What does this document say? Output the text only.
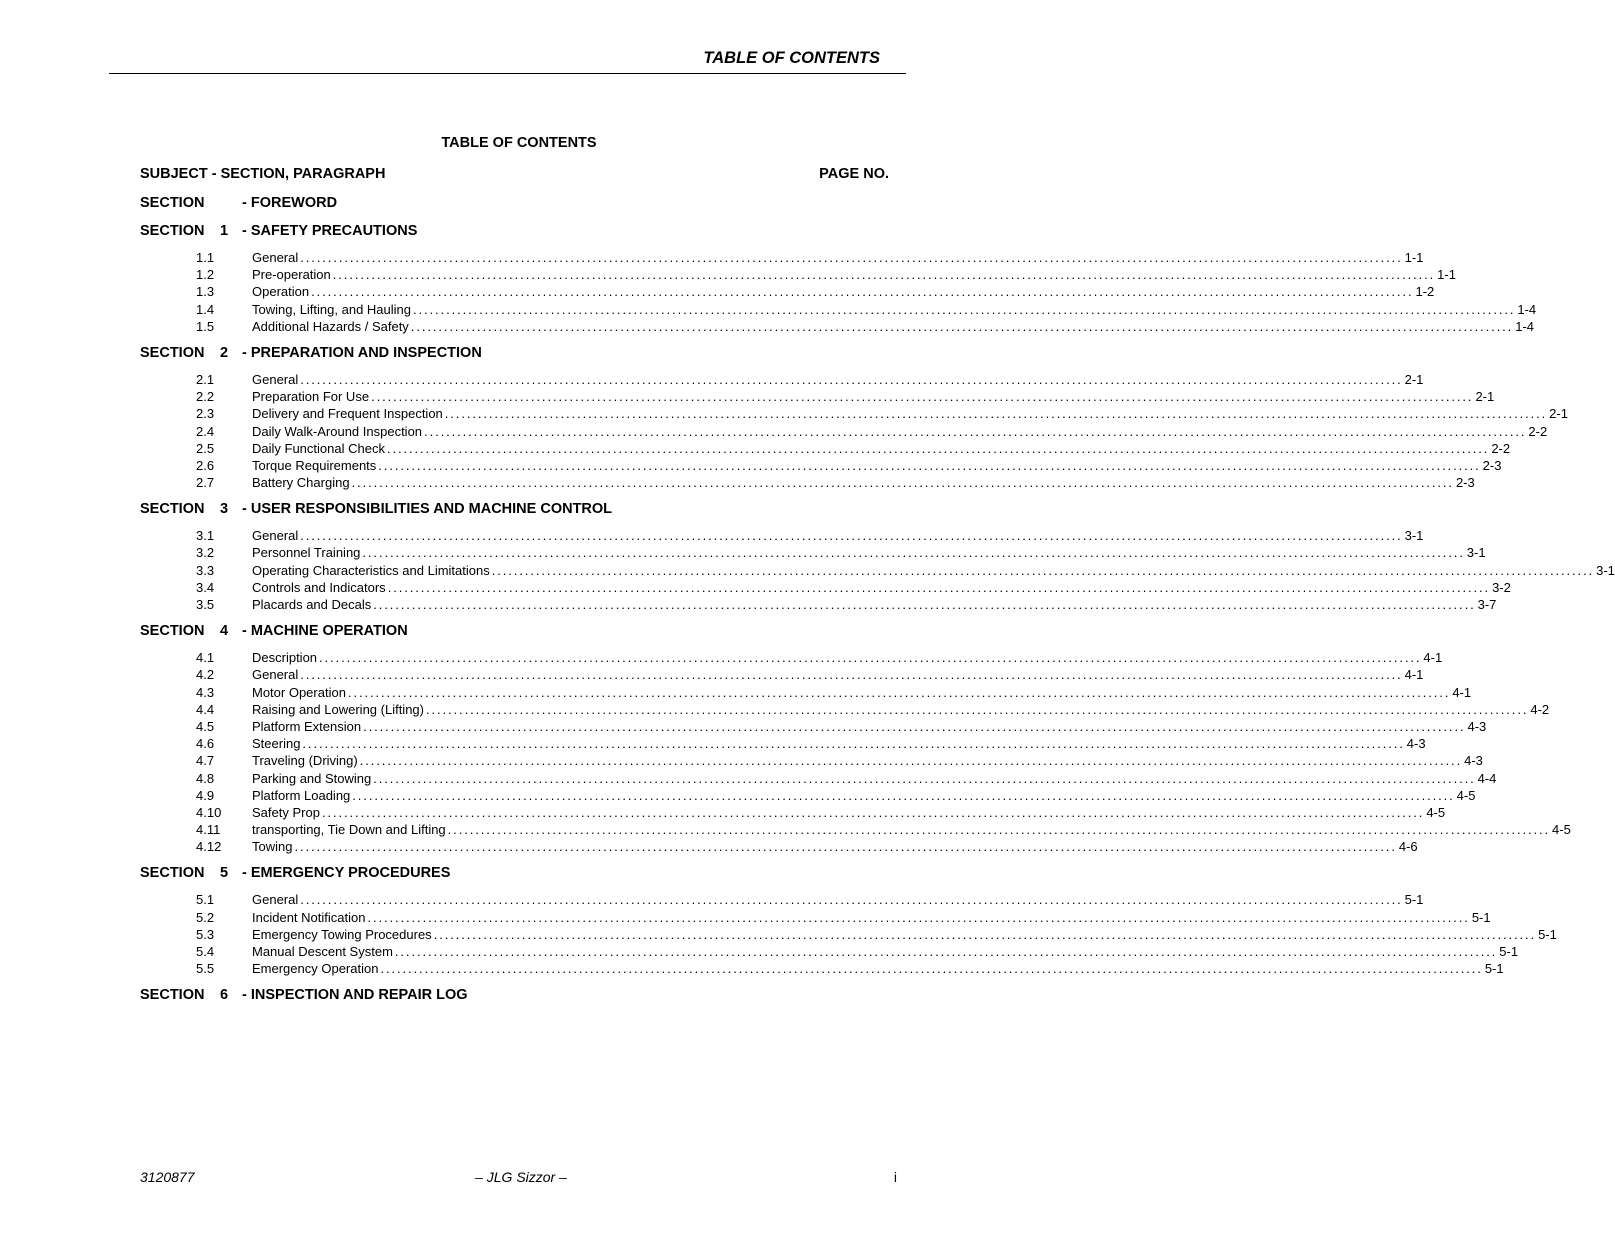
TABLE OF CONTENTS
TABLE OF CONTENTS
SUBJECT - SECTION, PARAGRAPH	PAGE NO.
SECTION	- FOREWORD
SECTION	1 - SAFETY PRECAUTIONS
1.1	General ........................................................................................................................................................................................................ 1-1
1.2	Pre-operation ........................................................................................................................................................................................................ 1-1
1.3	Operation ........................................................................................................................................................................................................ 1-2
1.4	Towing, Lifting, and Hauling ........................................................................................................................................................................................................ 1-4
1.5	Additional Hazards / Safety ........................................................................................................................................................................................................ 1-4
SECTION	2 - PREPARATION AND INSPECTION
2.1	General ........................................................................................................................................................................................................ 2-1
2.2	Preparation For Use ........................................................................................................................................................................................................ 2-1
2.3	Delivery and Frequent Inspection ........................................................................................................................................................................................................ 2-1
2.4	Daily Walk-Around Inspection ........................................................................................................................................................................................................ 2-2
2.5	Daily Functional Check ........................................................................................................................................................................................................ 2-2
2.6	Torque Requirements ........................................................................................................................................................................................................ 2-3
2.7	Battery Charging ........................................................................................................................................................................................................ 2-3
SECTION	3 - USER RESPONSIBILITIES AND MACHINE CONTROL
3.1	General ........................................................................................................................................................................................................ 3-1
3.2	Personnel Training ........................................................................................................................................................................................................ 3-1
3.3	Operating Characteristics and Limitations ........................................................................................................................................................................................................ 3-1
3.4	Controls and Indicators ........................................................................................................................................................................................................ 3-2
3.5	Placards and Decals ........................................................................................................................................................................................................ 3-7
SECTION	4 - MACHINE OPERATION
4.1	Description ........................................................................................................................................................................................................ 4-1
4.2	General ........................................................................................................................................................................................................ 4-1
4.3	Motor Operation ........................................................................................................................................................................................................ 4-1
4.4	Raising and Lowering (Lifting) ........................................................................................................................................................................................................ 4-2
4.5	Platform Extension ........................................................................................................................................................................................................ 4-3
4.6	Steering ........................................................................................................................................................................................................ 4-3
4.7	Traveling (Driving) ........................................................................................................................................................................................................ 4-3
4.8	Parking and Stowing ........................................................................................................................................................................................................ 4-4
4.9	Platform Loading ........................................................................................................................................................................................................ 4-5
4.10	Safety Prop ........................................................................................................................................................................................................ 4-5
4.11	transporting, Tie Down and Lifting ........................................................................................................................................................................................................ 4-5
4.12	Towing ........................................................................................................................................................................................................ 4-6
SECTION	5 - EMERGENCY PROCEDURES
5.1	General ........................................................................................................................................................................................................ 5-1
5.2	Incident Notification ........................................................................................................................................................................................................ 5-1
5.3	Emergency Towing Procedures ........................................................................................................................................................................................................ 5-1
5.4	Manual Descent System ........................................................................................................................................................................................................ 5-1
5.5	Emergency Operation ........................................................................................................................................................................................................ 5-1
SECTION	6 - INSPECTION AND REPAIR LOG
3120877	– JLG Sizzor –	i
